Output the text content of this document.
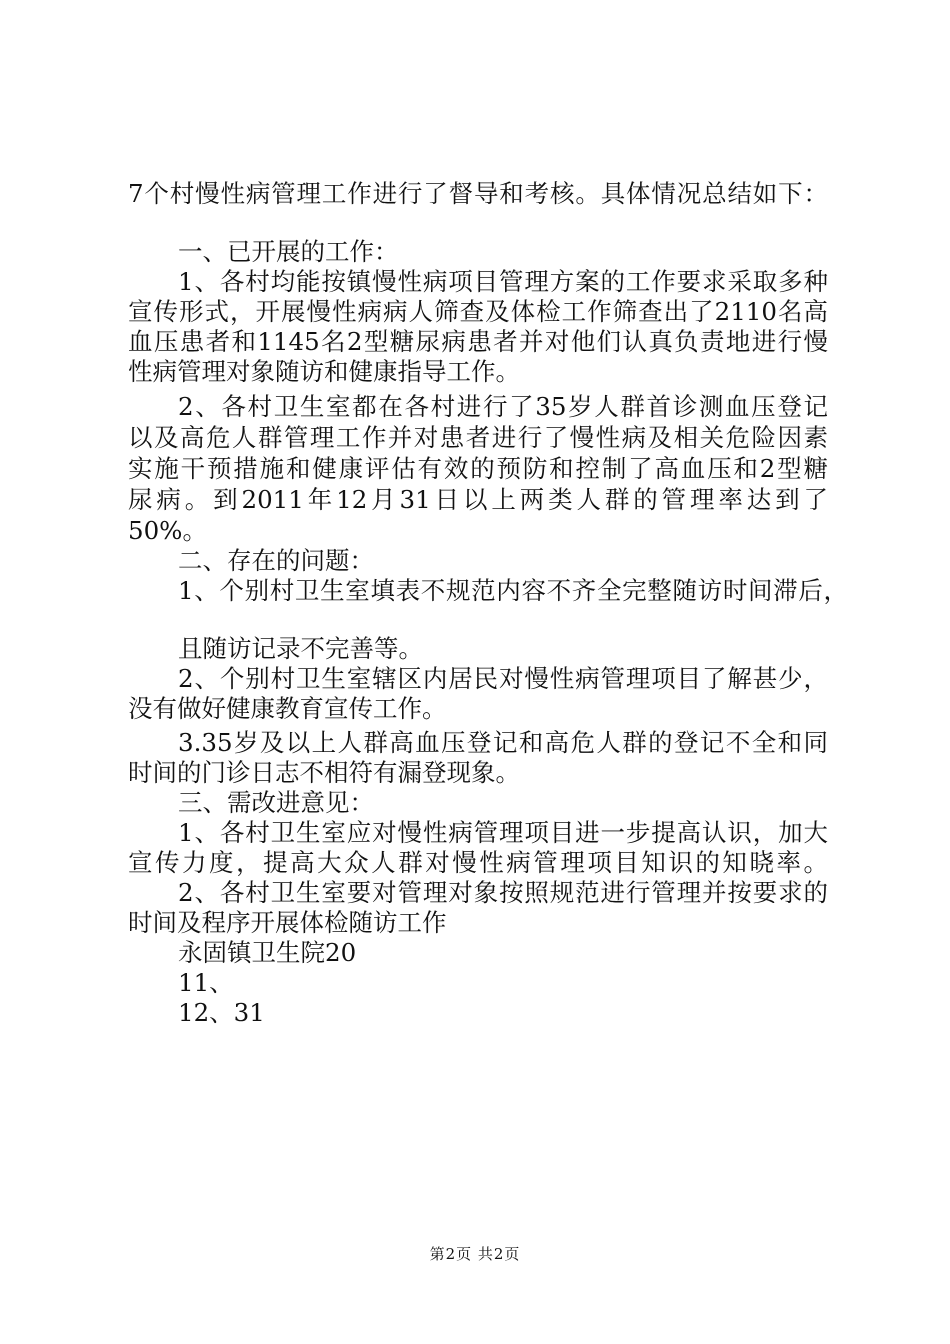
7个村慢性病管理工作进行了督导和考核。具体情况总结如下：

一、已开展的工作：

1、各村均能按镇慢性病项目管理方案的工作要求采取多种

宣传形式，开展慢性病病人筛查及体检工作筛查出了2110名高

血压患者和1145名2型糖尿病患者并对他们认真负责地进行慢

性病管理对象随访和健康指导工作。

2、各村卫生室都在各村进行了35岁人群首诊测血压登记

以及高危人群管理工作并对患者进行了慢性病及相关危险因素

实施干预措施和健康评估有效的预防和控制了高血压和2型糖

尿病。到2011年12月31日以上两类人群的管理率达到了

50%。

二、存在的问题：

1、个别村卫生室填表不规范内容不齐全完整随访时间滞后，

且随访记录不完善等。

2、个别村卫生室辖区内居民对慢性病管理项目了解甚少，

没有做好健康教育宣传工作。

3.35岁及以上人群高血压登记和高危人群的登记不全和同

时间的门诊日志不相符有漏登现象。

三、需改进意见：

1、各村卫生室应对慢性病管理项目进一步提高认识，加大

宣传力度，提高大众人群对慢性病管理项目知识的知晓率。

2、各村卫生室要对管理对象按照规范进行管理并按要求的

时间及程序开展体检随访工作

永固镇卫生院20

11、

12、31

第2页 共2页
